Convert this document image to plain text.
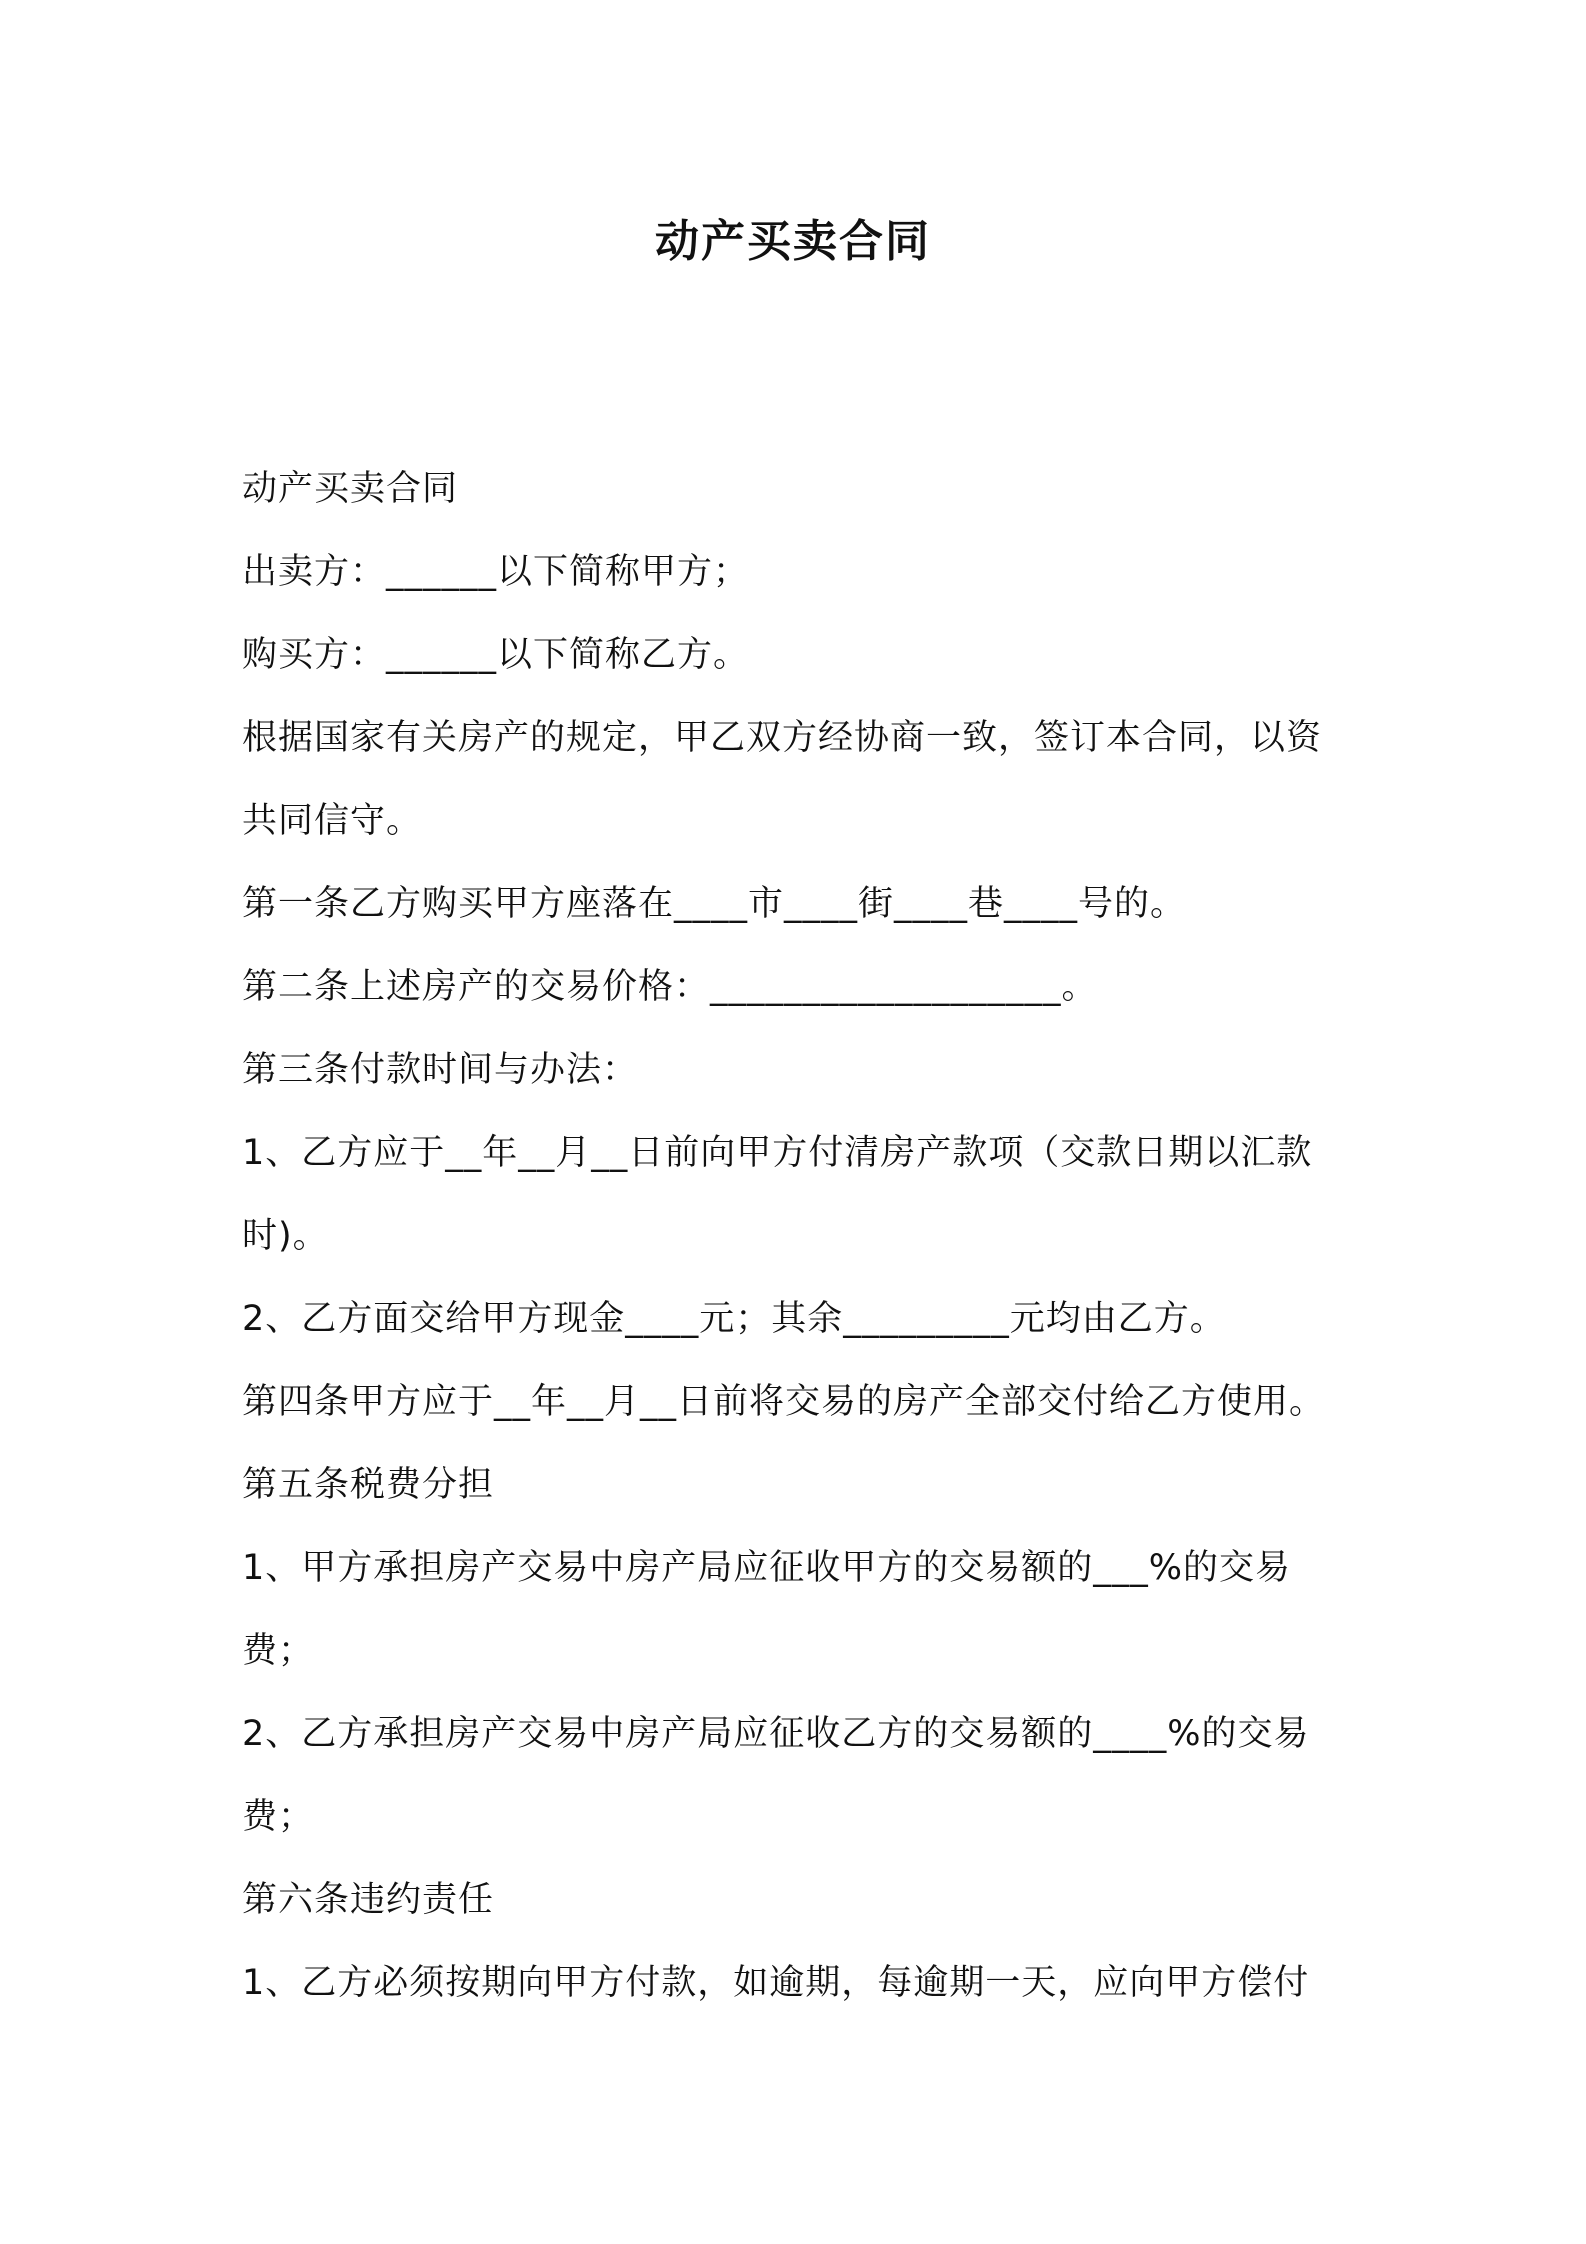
动产买卖合同

动产买卖合同

出卖方：______以下简称甲方；

购买方：______以下简称乙方。

根据国家有关房产的规定，甲乙双方经协商一致，签订本合同，以资

共同信守。

第一条乙方购买甲方座落在____市____街____巷____号的。

第二条上述房产的交易价格：___________________。

第三条付款时间与办法：

1、乙方应于__年__月__日前向甲方付清房产款项（交款日期以汇款

时)。

2、乙方面交给甲方现金____元；其余_________元均由乙方。

第四条甲方应于__年__月__日前将交易的房产全部交付给乙方使用。

第五条税费分担

1、甲方承担房产交易中房产局应征收甲方的交易额的___%的交易

费；

2、乙方承担房产交易中房产局应征收乙方的交易额的____%的交易

费；

第六条违约责任

1、乙方必须按期向甲方付款，如逾期，每逾期一天，应向甲方偿付
